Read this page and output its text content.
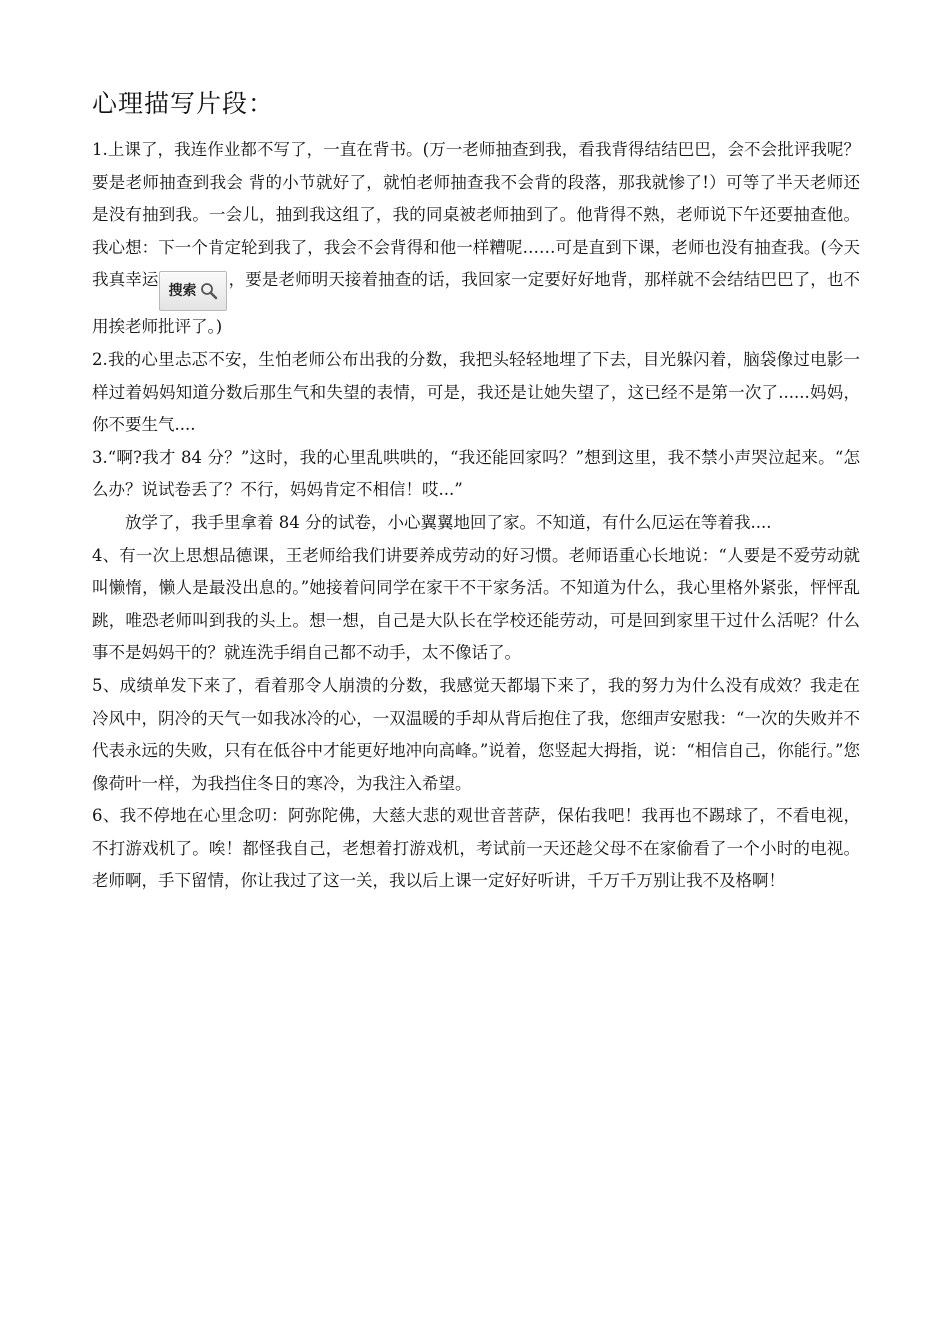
心理描写片段：

1.上课了，我连作业都不写了，一直在背书。(万一老师抽查到我，看我背得结结巴巴，会不会批评我呢？要是老师抽查到我会 背的小节就好了，就怕老师抽查我不会背的段落，那我就惨了!）可等了半天老师还是没有抽到我。一会儿，抽到我这组了，我的同桌被老师抽到了。他背得不熟，老师说下午还要抽查他。我心想：下一个肯定轮到我了，我会不会背得和他一样糟呢……可是直到下课，老师也没有抽查我。(今天我真幸运
搜索
，要是老师明天接着抽查的话，我回家一定要好好地背，那样就不会结结巴巴了，也不用挨老师批评了。)

2.我的心里忐忑不安，生怕老师公布出我的分数，我把头轻轻地埋了下去，目光躲闪着，脑袋像过电影一样过着妈妈知道分数后那生气和失望的表情，可是，我还是让她失望了，这已经不是第一次了......妈妈，你不要生气....

3.“啊?我才 84 分？”这时，我的心里乱哄哄的，“我还能回家吗？”想到这里，我不禁小声哭泣起来。“怎么办？说试卷丢了？不行，妈妈肯定不相信！哎...”

放学了，我手里拿着 84 分的试卷，小心翼翼地回了家。不知道，有什么厄运在等着我....

4、有一次上思想品德课，王老师给我们讲要养成劳动的好习惯。老师语重心长地说：“人要是不爱劳动就叫懒惰，懒人是最没出息的。”她接着问同学在家干不干家务活。不知道为什么，我心里格外紧张，怦怦乱跳，唯恐老师叫到我的头上。想一想，自己是大队长在学校还能劳动，可是回到家里干过什么活呢？什么事不是妈妈干的？就连洗手绢自己都不动手，太不像话了。

5、成绩单发下来了，看着那令人崩溃的分数，我感觉天都塌下来了，我的努力为什么没有成效？我走在冷风中，阴冷的天气一如我冰冷的心，一双温暖的手却从背后抱住了我，您细声安慰我：“一次的失败并不代表永远的失败，只有在低谷中才能更好地冲向高峰。”说着，您竖起大拇指，说：“相信自己，你能行。”您像荷叶一样，为我挡住冬日的寒冷，为我注入希望。

6、我不停地在心里念叨：阿弥陀佛，大慈大悲的观世音菩萨，保佑我吧！我再也不踢球了，不看电视，不打游戏机了。唉！都怪我自己，老想着打游戏机，考试前一天还趁父母不在家偷看了一个小时的电视。老师啊，手下留情，你让我过了这一关，我以后上课一定好好听讲，千万千万别让我不及格啊！
